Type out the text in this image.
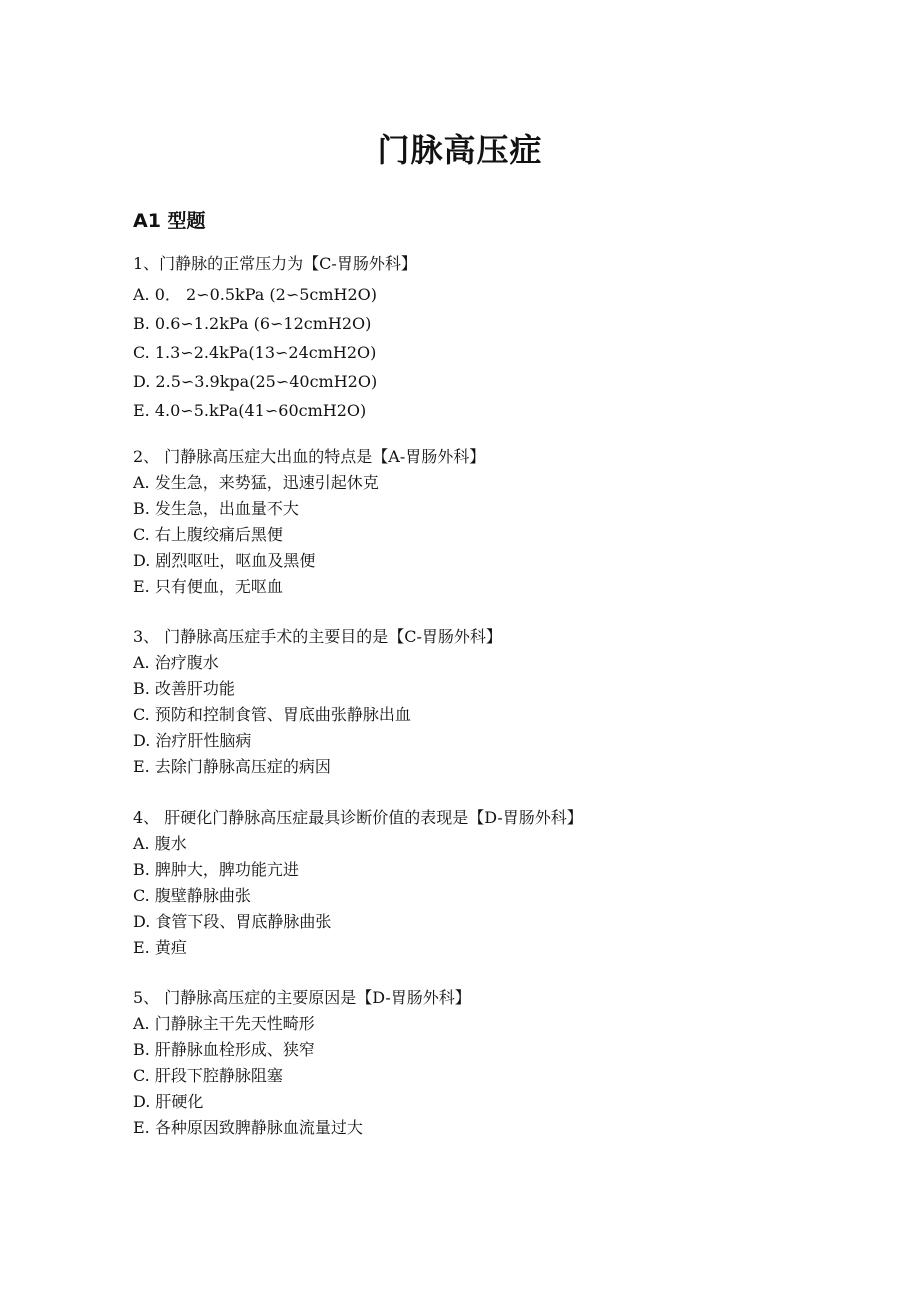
门脉高压症
A1 型题

1、门静脉的正常压力为【C-胃肠外科】

A. 0． 2∽0.5kPa (2∽5cmH2O)

B. 0.6∽1.2kPa (6∽12cmH2O)

C. 1.3∽2.4kPa(13∽24cmH2O)

D. 2.5∽3.9kpa(25∽40cmH2O)

E. 4.0∽5.kPa(41∽60cmH2O)

2、 门静脉高压症大出血的特点是【A-胃肠外科】

A. 发生急，来势猛，迅速引起休克

B. 发生急，出血量不大

C. 右上腹绞痛后黑便

D. 剧烈呕吐，呕血及黑便

E. 只有便血，无呕血

3、 门静脉高压症手术的主要目的是【C-胃肠外科】

A. 治疗腹水

B. 改善肝功能

C. 预防和控制食管、胃底曲张静脉出血

D. 治疗肝性脑病

E. 去除门静脉高压症的病因

4、 肝硬化门静脉高压症最具诊断价值的表现是【D-胃肠外科】

A. 腹水

B. 脾肿大，脾功能亢进

C. 腹壁静脉曲张

D. 食管下段、胃底静脉曲张

E. 黄疸

5、 门静脉高压症的主要原因是【D-胃肠外科】

A. 门静脉主干先天性畸形

B. 肝静脉血栓形成、狭窄

C. 肝段下腔静脉阻塞

D. 肝硬化

E. 各种原因致脾静脉血流量过大
